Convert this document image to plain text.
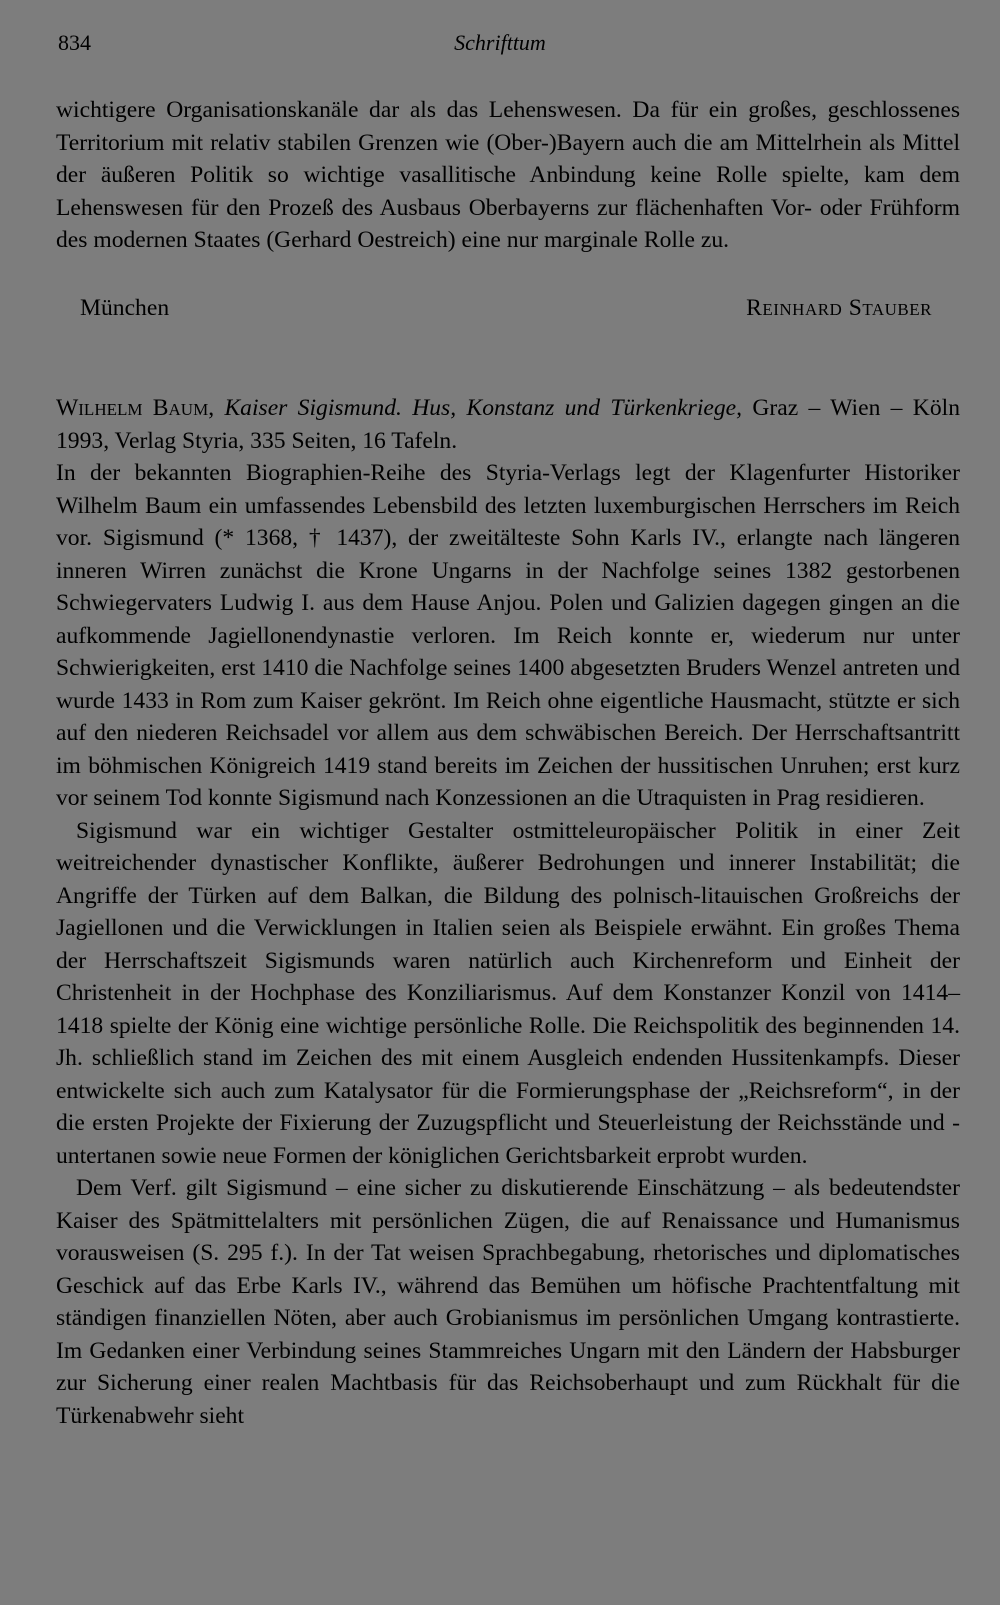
834	Schrifttum

wichtigere Organisationskanäle dar als das Lehenswesen. Da für ein großes, geschlossenes Territorium mit relativ stabilen Grenzen wie (Ober-)Bayern auch die am Mittelrhein als Mittel der äußeren Politik so wichtige vasallitische Anbindung keine Rolle spielte, kam dem Lehenswesen für den Prozeß des Ausbaus Oberbayerns zur flächenhaften Vor- oder Frühform des modernen Staates (Gerhard Oestreich) eine nur marginale Rolle zu.

München	Reinhard Stauber

Wilhelm Baum, Kaiser Sigismund. Hus, Konstanz und Türkenkriege, Graz – Wien – Köln 1993, Verlag Styria, 335 Seiten, 16 Tafeln.

In der bekannten Biographien-Reihe des Styria-Verlags legt der Klagenfurter Historiker Wilhelm Baum ein umfassendes Lebensbild des letzten luxemburgischen Herrschers im Reich vor. Sigismund (* 1368, † 1437), der zweitälteste Sohn Karls IV., erlangte nach längeren inneren Wirren zunächst die Krone Ungarns in der Nachfolge seines 1382 gestorbenen Schwiegervaters Ludwig I. aus dem Hause Anjou. Polen und Galizien dagegen gingen an die aufkommende Jagiellonendynastie verloren. Im Reich konnte er, wiederum nur unter Schwierigkeiten, erst 1410 die Nachfolge seines 1400 abgesetzten Bruders Wenzel antreten und wurde 1433 in Rom zum Kaiser gekrönt. Im Reich ohne eigentliche Hausmacht, stützte er sich auf den niederen Reichsadel vor allem aus dem schwäbischen Bereich. Der Herrschaftsantritt im böhmischen Königreich 1419 stand bereits im Zeichen der hussitischen Unruhen; erst kurz vor seinem Tod konnte Sigismund nach Konzessionen an die Utraquisten in Prag residieren.

Sigismund war ein wichtiger Gestalter ostmitteleuropäischer Politik in einer Zeit weitreichender dynastischer Konflikte, äußerer Bedrohungen und innerer Instabilität; die Angriffe der Türken auf dem Balkan, die Bildung des polnisch-litauischen Großreichs der Jagiellonen und die Verwicklungen in Italien seien als Beispiele erwähnt. Ein großes Thema der Herrschaftszeit Sigismunds waren natürlich auch Kirchenreform und Einheit der Christenheit in der Hochphase des Konziliarismus. Auf dem Konstanzer Konzil von 1414–1418 spielte der König eine wichtige persönliche Rolle. Die Reichspolitik des beginnenden 14. Jh. schließlich stand im Zeichen des mit einem Ausgleich endenden Hussitenkampfs. Dieser entwickelte sich auch zum Katalysator für die Formierungsphase der „Reichsreform“, in der die ersten Projekte der Fixierung der Zuzugspflicht und Steuerleistung der Reichsstände und -untertanen sowie neue Formen der königlichen Gerichtsbarkeit erprobt wurden.

Dem Verf. gilt Sigismund – eine sicher zu diskutierende Einschätzung – als bedeutendster Kaiser des Spätmittelalters mit persönlichen Zügen, die auf Renaissance und Humanismus vorausweisen (S. 295 f.). In der Tat weisen Sprachbegabung, rhetorisches und diplomatisches Geschick auf das Erbe Karls IV., während das Bemühen um höfische Prachtentfaltung mit ständigen finanziellen Nöten, aber auch Grobianismus im persönlichen Umgang kontrastierte. Im Gedanken einer Verbindung seines Stammreiches Ungarn mit den Ländern der Habsburger zur Sicherung einer realen Machtbasis für das Reichsoberhaupt und zum Rückhalt für die Türkenabwehr sieht
